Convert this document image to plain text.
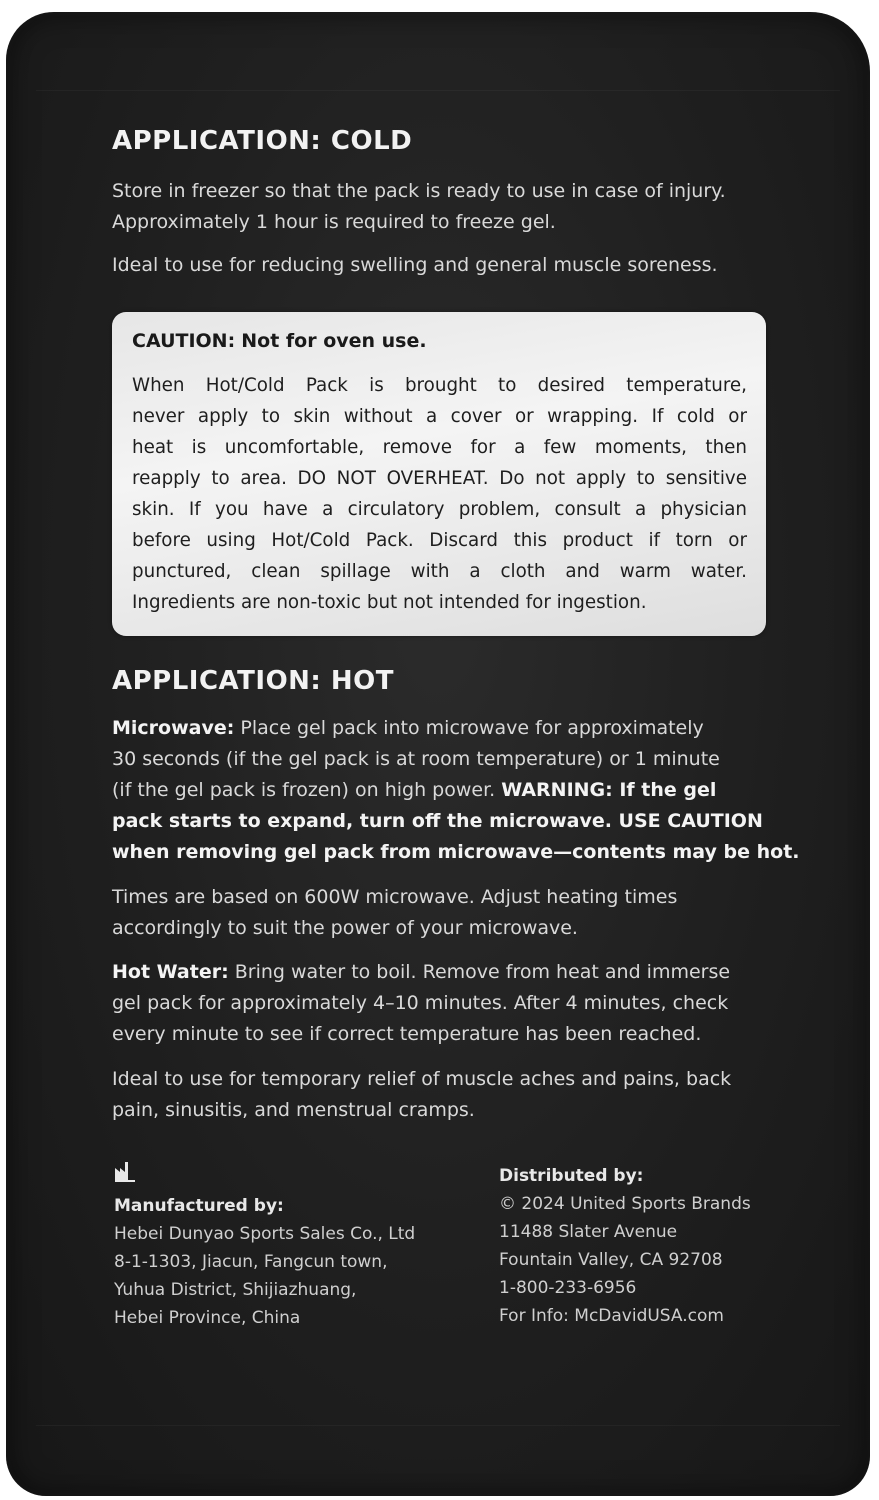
APPLICATION: COLD
Store in freezer so that the pack is ready to use in case of injury.
Approximately 1 hour is required to freeze gel.
Ideal to use for reducing swelling and general muscle soreness.
CAUTION: Not for oven use.
When Hot/Cold Pack is brought to desired temperature,
never apply to skin without a cover or wrapping. If cold or
heat is uncomfortable, remove for a few moments, then
reapply to area. DO NOT OVERHEAT. Do not apply to sensitive
skin. If you have a circulatory problem, consult a physician
before using Hot/Cold Pack. Discard this product if torn or
punctured, clean spillage with a cloth and warm water.
Ingredients are non-toxic but not intended for ingestion.
APPLICATION: HOT
Microwave: Place gel pack into microwave for approximately
30 seconds (if the gel pack is at room temperature) or 1 minute
(if the gel pack is frozen) on high power. WARNING: If the gel
pack starts to expand, turn off the microwave. USE CAUTION
when removing gel pack from microwave—contents may be hot.
Times are based on 600W microwave. Adjust heating times
accordingly to suit the power of your microwave.
Hot Water: Bring water to boil. Remove from heat and immerse
gel pack for approximately 4–10 minutes. After 4 minutes, check
every minute to see if correct temperature has been reached.
Ideal to use for temporary relief of muscle aches and pains, back
pain, sinusitis, and menstrual cramps.
Manufactured by:
Hebei Dunyao Sports Sales Co., Ltd
8-1-1303, Jiacun, Fangcun town,
Yuhua District, Shijiazhuang,
Hebei Province, China
Distributed by:
© 2024 United Sports Brands
11488 Slater Avenue
Fountain Valley, CA 92708
1-800-233-6956
For Info: McDavidUSA.com
